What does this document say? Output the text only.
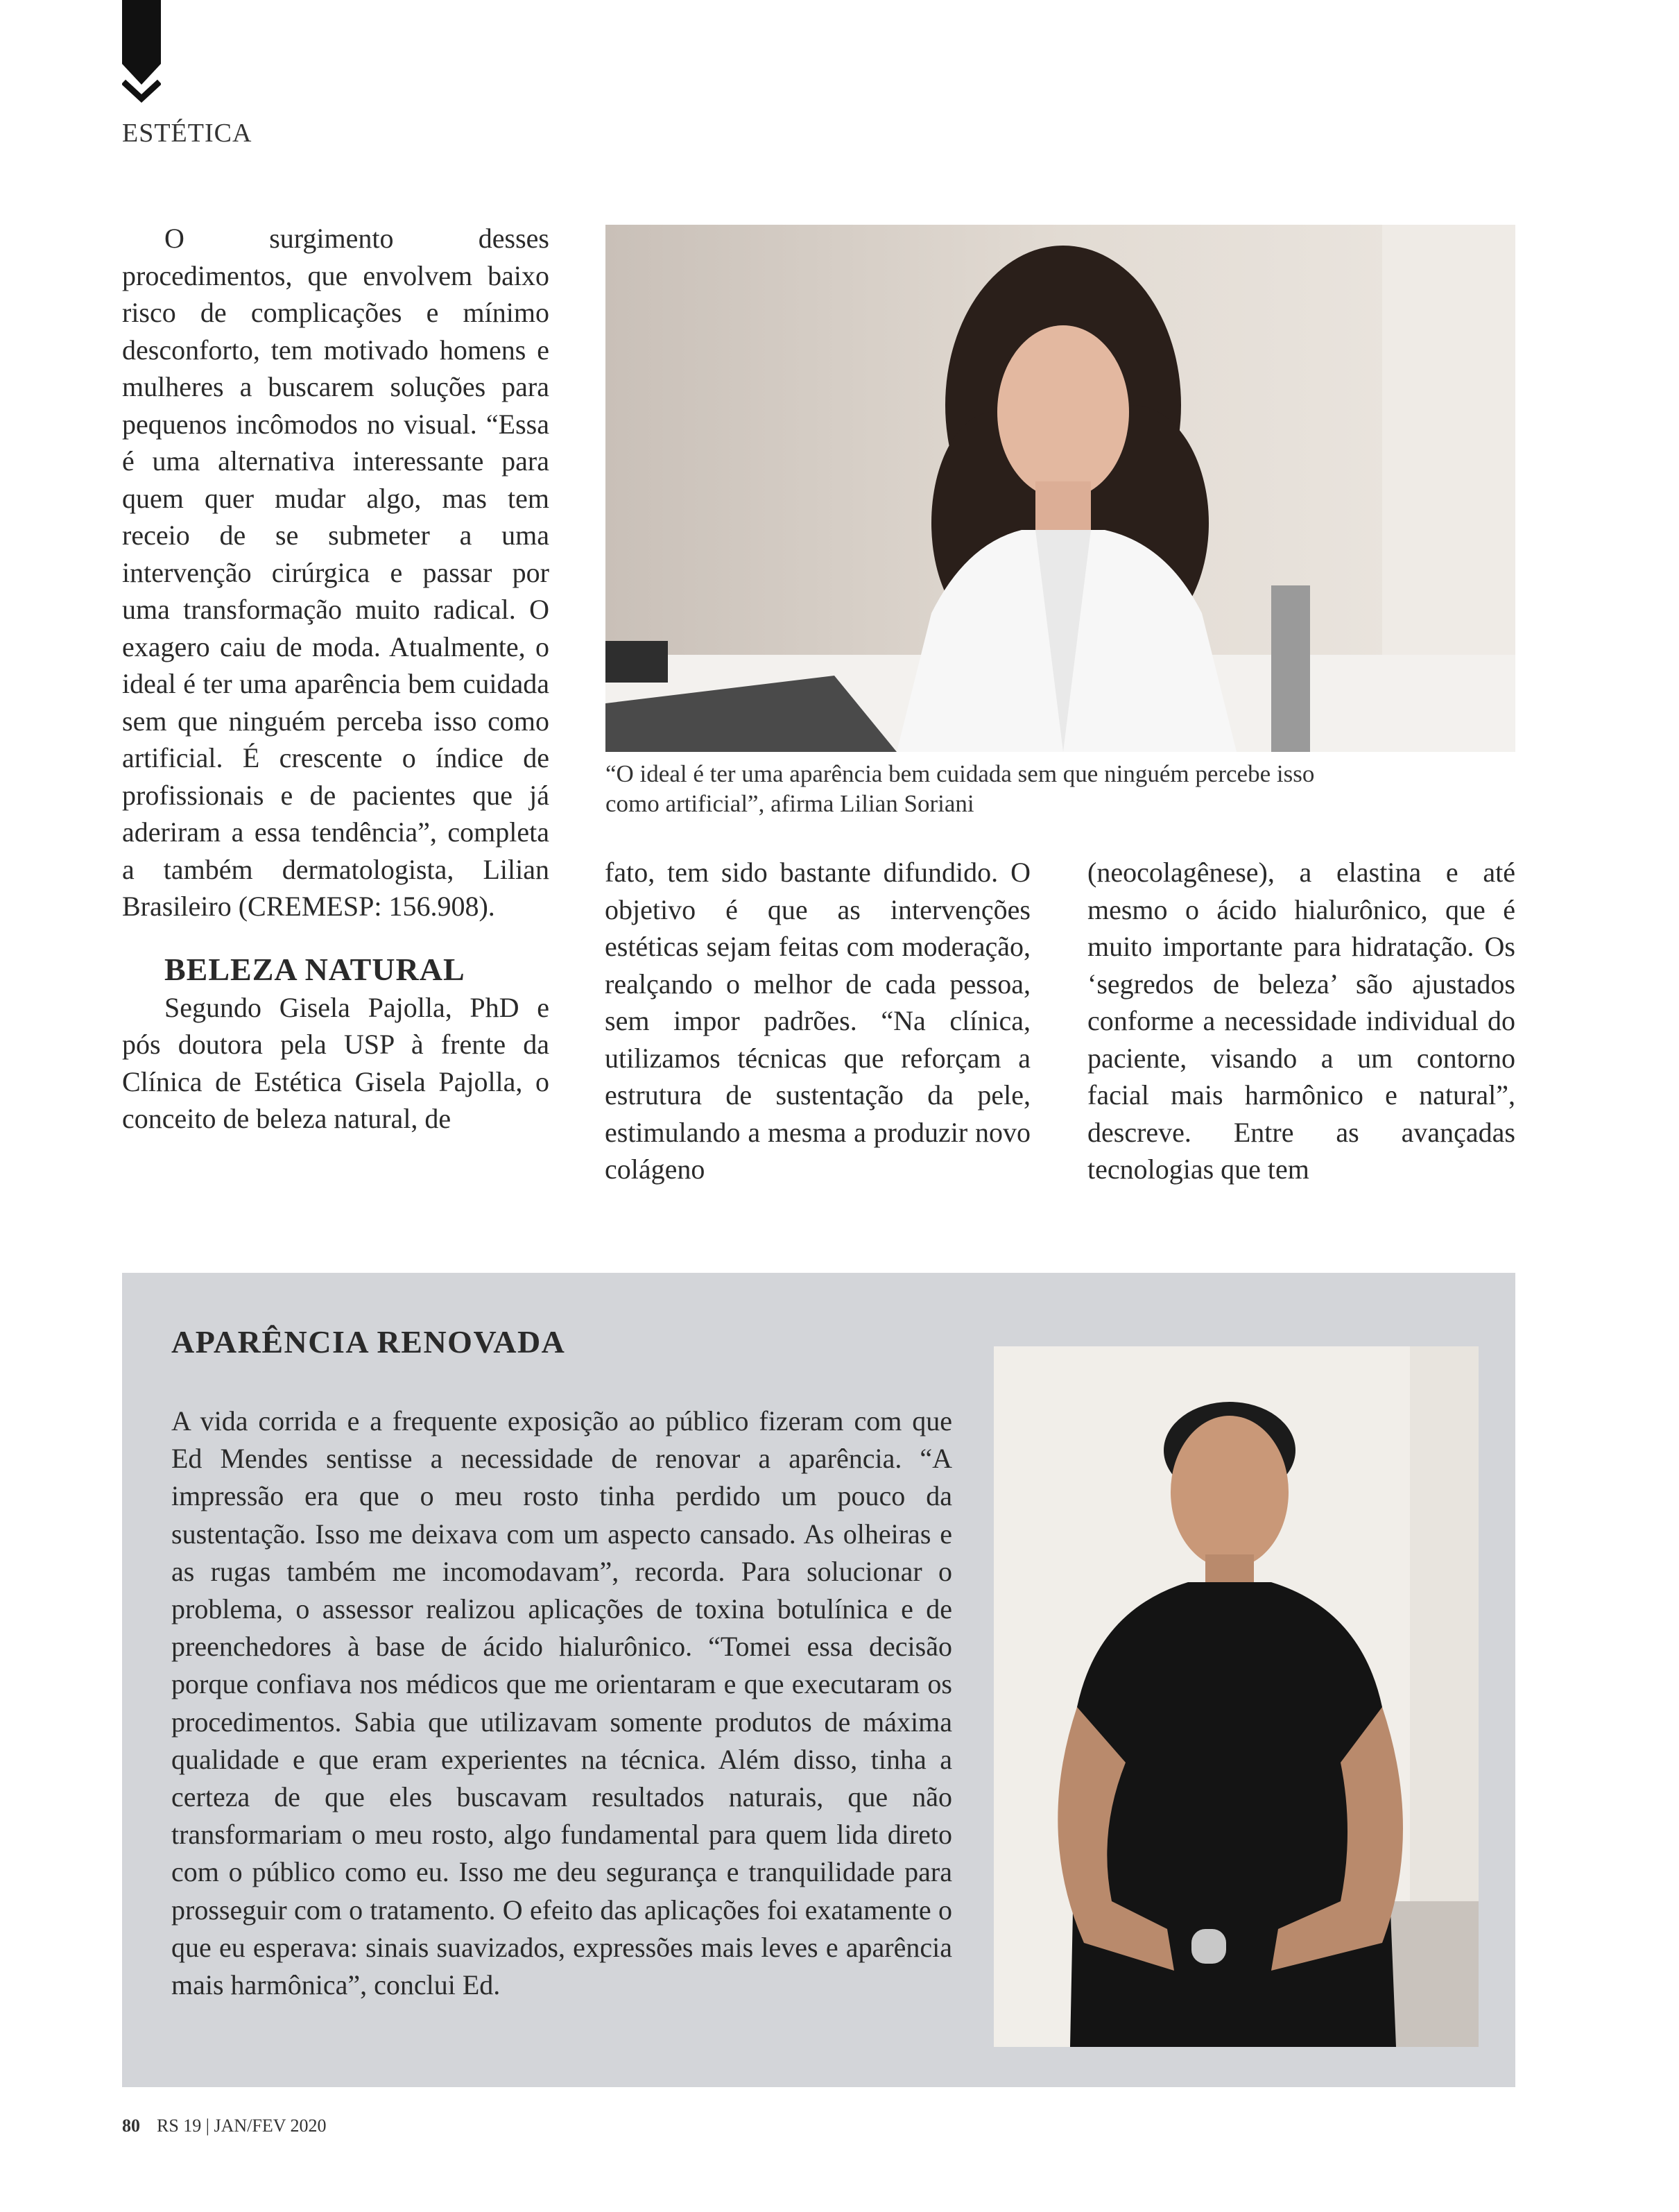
ESTÉTICA

O surgimento desses procedimentos, que envolvem baixo risco de complicações e mínimo desconforto, tem motivado homens e mulheres a buscarem soluções para pequenos incômodos no visual. “Essa é uma alternativa interessante para quem quer mudar algo, mas tem receio de se submeter a uma intervenção cirúrgica e passar por uma transformação muito radical. O exagero caiu de moda. Atualmente, o ideal é ter uma aparência bem cuidada sem que ninguém perceba isso como artificial. É crescente o índice de profissionais e de pacientes que já aderiram a essa tendência”, completa a também dermatologista, Lilian Brasileiro (CREMESP: 156.908).

BELEZA NATURAL

Segundo Gisela Pajolla, PhD e pós doutora pela USP à frente da Clínica de Estética Gisela Pajolla, o conceito de beleza natural, de

“O ideal é ter uma aparência bem cuidada sem que ninguém percebe isso como artificial”, afirma Lilian Soriani

fato, tem sido bastante difundido. O objetivo é que as intervenções estéticas sejam feitas com moderação, realçando o melhor de cada pessoa, sem impor padrões. “Na clínica, utilizamos técnicas que reforçam a estrutura de sustentação da pele, estimulando a mesma a produzir novo colágeno

(neocolagênese), a elastina e até mesmo o ácido hialurônico, que é muito importante para hidratação. Os ‘segredos de beleza’ são ajustados conforme a necessidade individual do paciente, visando a um contorno facial mais harmônico e natural”, descreve. Entre as avançadas tecnologias que tem

APARÊNCIA RENOVADA

A vida corrida e a frequente exposição ao público fizeram com que Ed Mendes sentisse a necessidade de renovar a aparência. “A impressão era que o meu rosto tinha perdido um pouco da sustentação. Isso me deixava com um aspecto cansado. As olheiras e as rugas também me incomodavam”, recorda. Para solucionar o problema, o assessor realizou aplicações de toxina botulínica e de preenchedores à base de ácido hialurônico. “Tomei essa decisão porque confiava nos médicos que me orientaram e que executaram os procedimentos. Sabia que utilizavam somente produtos de máxima qualidade e que eram experientes na técnica. Além disso, tinha a certeza de que eles buscavam resultados naturais, que não transformariam o meu rosto, algo fundamental para quem lida direto com o público como eu. Isso me deu segurança e tranquilidade para prosseguir com o tratamento. O efeito das aplicações foi exatamente o que eu esperava: sinais suavizados, expressões mais leves e aparência mais harmônica”, conclui Ed.

80 RS 19 | JAN/FEV 2020
